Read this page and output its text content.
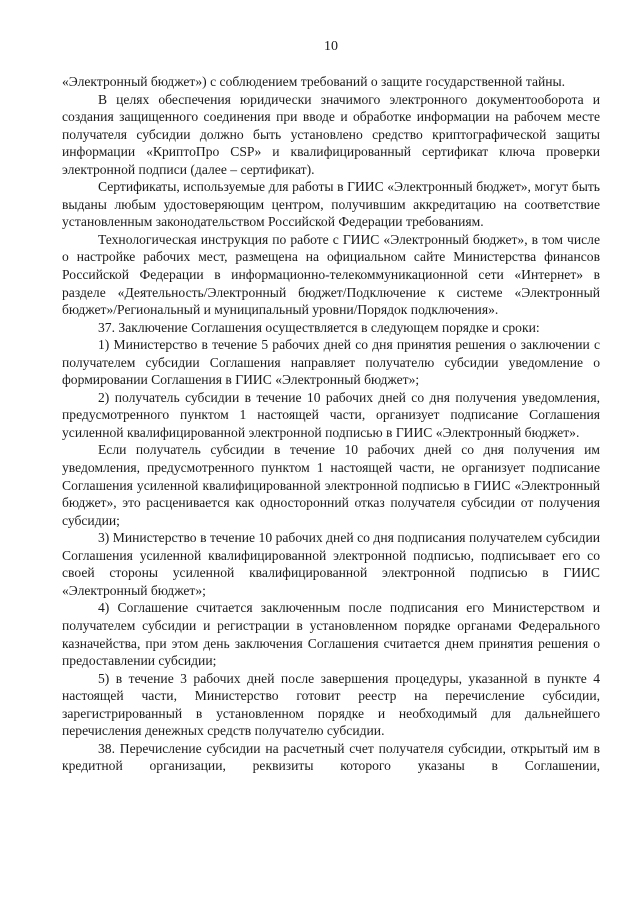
10

«Электронный бюджет») с соблюдением требований о защите государственной тайны.

В целях обеспечения юридически значимого электронного документооборота и создания защищенного соединения при вводе и обработке информации на рабочем месте получателя субсидии должно быть установлено средство криптографической защиты информации «КриптоПро CSP» и квалифицированный сертификат ключа проверки электронной подписи (далее – сертификат).

Сертификаты, используемые для работы в ГИИС «Электронный бюджет», могут быть выданы любым удостоверяющим центром, получившим аккредитацию на соответствие установленным законодательством Российской Федерации требованиям.

Технологическая инструкция по работе с ГИИС «Электронный бюджет», в том числе о настройке рабочих мест, размещена на официальном сайте Министерства финансов Российской Федерации в информационно-телекоммуникационной сети «Интернет» в разделе «Деятельность/Электронный бюджет/Подключение к системе «Электронный бюджет»/Региональный и муниципальный уровни/Порядок подключения».

37. Заключение Соглашения осуществляется в следующем порядке и сроки:

1) Министерство в течение 5 рабочих дней со дня принятия решения о заключении с получателем субсидии Соглашения направляет получателю субсидии уведомление о формировании Соглашения в ГИИС «Электронный бюджет»;

2) получатель субсидии в течение 10 рабочих дней со дня получения уведомления, предусмотренного пунктом 1 настоящей части, организует подписание Соглашения усиленной квалифицированной электронной подписью в ГИИС «Электронный бюджет».

Если получатель субсидии в течение 10 рабочих дней со дня получения им уведомления, предусмотренного пунктом 1 настоящей части, не организует подписание Соглашения усиленной квалифицированной электронной подписью в ГИИС «Электронный бюджет», это расценивается как односторонний отказ получателя субсидии от получения субсидии;

3) Министерство в течение 10 рабочих дней со дня подписания получателем субсидии Соглашения усиленной квалифицированной электронной подписью, подписывает его со своей стороны усиленной квалифицированной электронной подписью в ГИИС «Электронный бюджет»;

4) Соглашение считается заключенным после подписания его Министерством и получателем субсидии и регистрации в установленном порядке органами Федерального казначейства, при этом день заключения Соглашения считается днем принятия решения о предоставлении субсидии;

5) в течение 3 рабочих дней после завершения процедуры, указанной в пункте 4 настоящей части, Министерство готовит реестр на перечисление субсидии, зарегистрированный в установленном порядке и необходимый для дальнейшего перечисления денежных средств получателю субсидии.

38. Перечисление субсидии на расчетный счет получателя субсидии, открытый им в кредитной организации, реквизиты которого указаны в Соглашении,
